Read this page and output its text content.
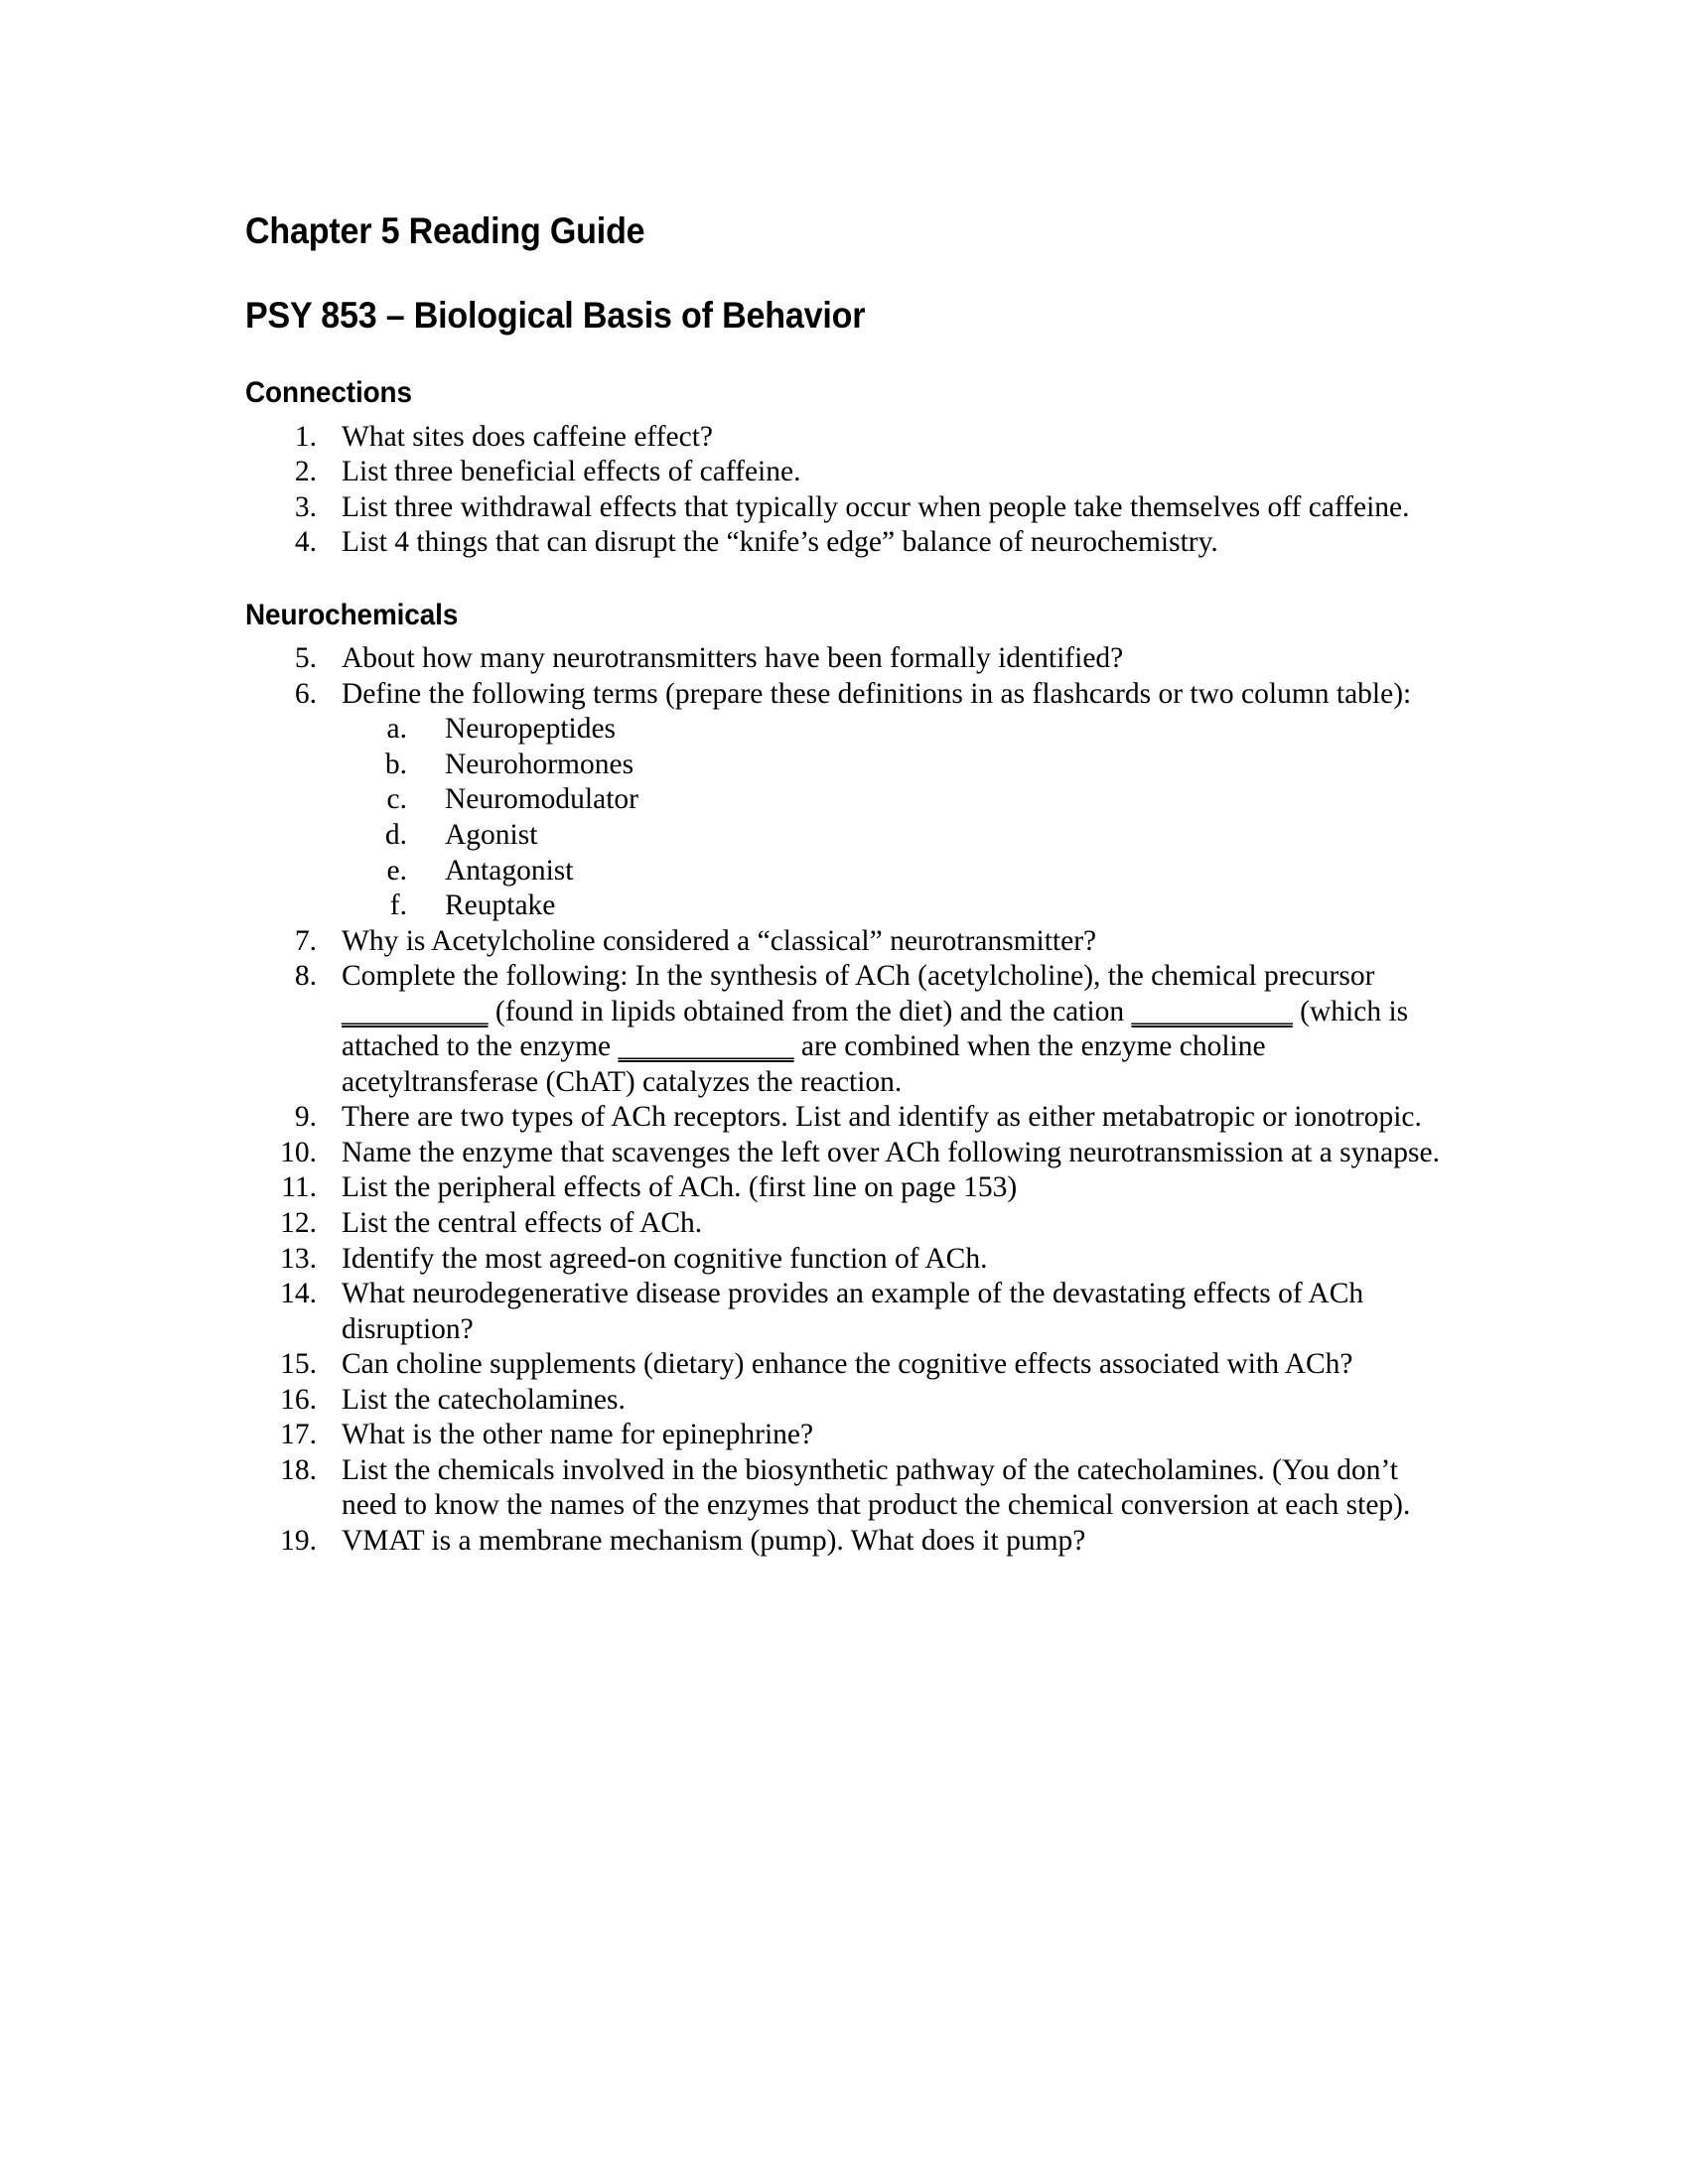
Chapter 5 Reading Guide
PSY 853 – Biological Basis of Behavior
Connections
1. What sites does caffeine effect?
2. List three beneficial effects of caffeine.
3. List three withdrawal effects that typically occur when people take themselves off caffeine.
4. List 4 things that can disrupt the “knife’s edge” balance of neurochemistry.
Neurochemicals
5. About how many neurotransmitters have been formally identified?
6. Define the following terms (prepare these definitions in as flashcards or two column table):
a. Neuropeptides
b. Neurohormones
c. Neuromodulator
d. Agonist
e. Antagonist
f. Reuptake
7. Why is Acetylcholine considered a “classical” neurotransmitter?
8. Complete the following: In the synthesis of ACh (acetylcholine), the chemical precursor __________ (found in lipids obtained from the diet) and the cation ___________ (which is attached to the enzyme ____________ are combined when the enzyme choline acetyltransferase (ChAT) catalyzes the reaction.
9. There are two types of ACh receptors. List and identify as either metabatropic or ionotropic.
10. Name the enzyme that scavenges the left over ACh following neurotransmission at a synapse.
11. List the peripheral effects of ACh. (first line on page 153)
12. List the central effects of ACh.
13. Identify the most agreed-on cognitive function of ACh.
14. What neurodegenerative disease provides an example of the devastating effects of ACh disruption?
15. Can choline supplements (dietary) enhance the cognitive effects associated with ACh?
16. List the catecholamines.
17. What is the other name for epinephrine?
18. List the chemicals involved in the biosynthetic pathway of the catecholamines. (You don’t need to know the names of the enzymes that product the chemical conversion at each step).
19. VMAT is a membrane mechanism (pump). What does it pump?
